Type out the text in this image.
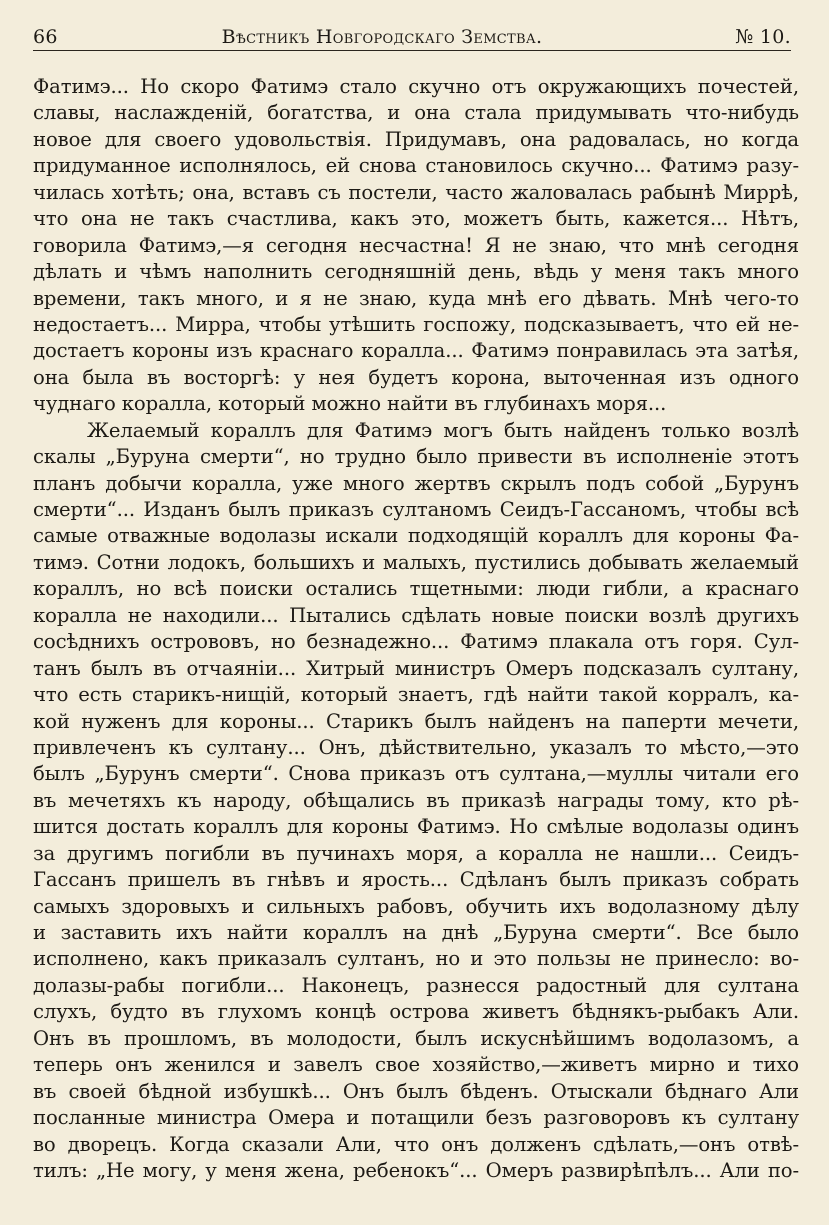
66	Вѣстникъ Новгородскаго Земства.	№ 10.
Фатимэ... Но скоро Фатимэ стало скучно отъ окружающихъ почестей,
славы, наслажденій, богатства, и она стала придумывать что-нибудь
новое для своего удовольствія. Придумавъ, она радовалась, но когда
придуманное исполнялось, ей снова становилось скучно... Фатимэ разу-
чилась хотѣть; она, вставъ съ постели, часто жаловалась рабынѣ Миррѣ,
что она не такъ счастлива, какъ это, можетъ быть, кажется... Нѣтъ,
говорила Фатимэ,—я сегодня несчастна! Я не знаю, что мнѣ сегодня
дѣлать и чѣмъ наполнить сегодняшній день, вѣдь у меня такъ много
времени, такъ много, и я не знаю, куда мнѣ его дѣвать. Мнѣ чего-то
недостаетъ... Мирра, чтобы утѣшить госпожу, подсказываетъ, что ей не-
достаетъ короны изъ краснаго коралла... Фатимэ понравилась эта затѣя,
она была въ восторгѣ: у нея будетъ корона, выточенная изъ одного
чуднаго коралла, который можно найти въ глубинахъ моря...
Желаемый кораллъ для Фатимэ могъ быть найденъ только возлѣ
скалы „Буруна смерти“, но трудно было привести въ исполненіе этотъ
планъ добычи коралла, уже много жертвъ скрылъ подъ собой „Бурунъ
смерти“... Изданъ былъ приказъ султаномъ Сеидъ-Гассаномъ, чтобы всѣ
самые отважные водолазы искали подходящій кораллъ для короны Фа-
тимэ. Сотни лодокъ, большихъ и малыхъ, пустились добывать желаемый
кораллъ, но всѣ поиски остались тщетными: люди гибли, а краснаго
коралла не находили... Пытались сдѣлать новые поиски возлѣ другихъ
сосѣднихъ острововъ, но безнадежно... Фатимэ плакала отъ горя. Сул-
танъ былъ въ отчаяніи... Хитрый министръ Омеръ подсказалъ султану,
что есть старикъ-нищій, который знаетъ, гдѣ найти такой корралъ, ка-
кой нуженъ для короны... Старикъ былъ найденъ на паперти мечети,
привлеченъ къ султану... Онъ, дѣйствительно, указалъ то мѣсто,—это
былъ „Бурунъ смерти“. Снова приказъ отъ султана,—муллы читали его
въ мечетяхъ къ народу, обѣщались въ приказѣ награды тому, кто рѣ-
шится достать кораллъ для короны Фатимэ. Но смѣлые водолазы одинъ
за другимъ погибли въ пучинахъ моря, а коралла не нашли... Сеидъ-
Гассанъ пришелъ въ гнѣвъ и ярость... Сдѣланъ былъ приказъ собрать
самыхъ здоровыхъ и сильныхъ рабовъ, обучить ихъ водолазному дѣлу
и заставить ихъ найти кораллъ на днѣ „Буруна смерти“. Все было
исполнено, какъ приказалъ султанъ, но и это пользы не принесло: во-
долазы-рабы погибли... Наконецъ, разнесся радостный для султана
слухъ, будто въ глухомъ концѣ острова живетъ бѣднякъ-рыбакъ Али.
Онъ въ прошломъ, въ молодости, былъ искуснѣйшимъ водолазомъ, а
теперь онъ женился и завелъ свое хозяйство,—живетъ мирно и тихо
въ своей бѣдной избушкѣ... Онъ былъ бѣденъ. Отыскали бѣднаго Али
посланные министра Омера и потащили безъ разговоровъ къ султану
во дворецъ. Когда сказали Али, что онъ долженъ сдѣлать,—онъ отвѣ-
тилъ: „Не могу, у меня жена, ребенокъ“... Омеръ развирѣпѣлъ... Али по-
